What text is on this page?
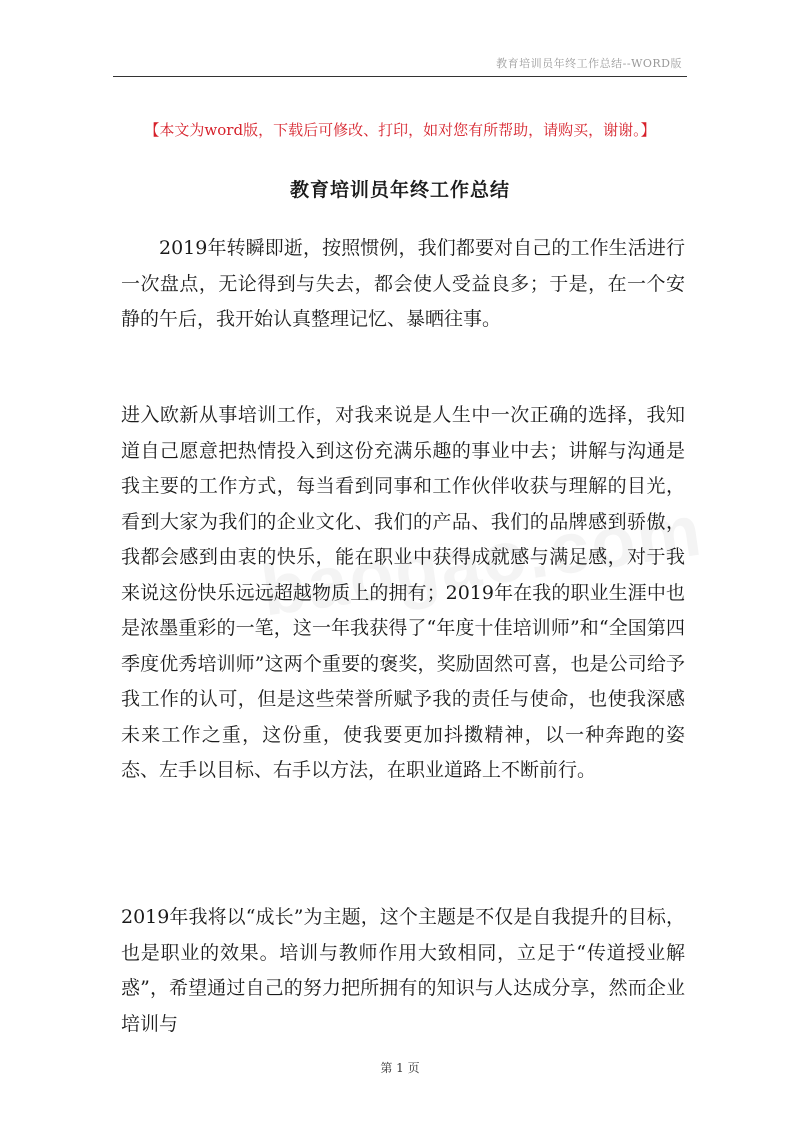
教育培训员年终工作总结--WORD版
【本文为word版，下载后可修改、打印，如对您有所帮助，请购买，谢谢。】
教育培训员年终工作总结
2019年转瞬即逝，按照惯例，我们都要对自己的工作生活进行一次盘点，无论得到与失去，都会使人受益良多；于是，在一个安静的午后，我开始认真整理记忆、暴晒往事。
进入欧新从事培训工作，对我来说是人生中一次正确的选择，我知道自己愿意把热情投入到这份充满乐趣的事业中去；讲解与沟通是我主要的工作方式，每当看到同事和工作伙伴收获与理解的目光，看到大家为我们的企业文化、我们的产品、我们的品牌感到骄傲，我都会感到由衷的快乐，能在职业中获得成就感与满足感，对于我来说这份快乐远远超越物质上的拥有；2019年在我的职业生涯中也是浓墨重彩的一笔，这一年我获得了“年度十佳培训师”和“全国第四季度优秀培训师”这两个重要的褒奖，奖励固然可喜，也是公司给予我工作的认可，但是这些荣誉所赋予我的责任与使命，也使我深感未来工作之重，这份重，使我要更加抖擞精神，以一种奔跑的姿态、左手以目标、右手以方法，在职业道路上不断前行。
2019年我将以“成长”为主题，这个主题是不仅是自我提升的目标，也是职业的效果。培训与教师作用大致相同，立足于“传道授业解惑”，希望通过自己的努力把所拥有的知识与人达成分享，然而企业培训与
第 1 页
